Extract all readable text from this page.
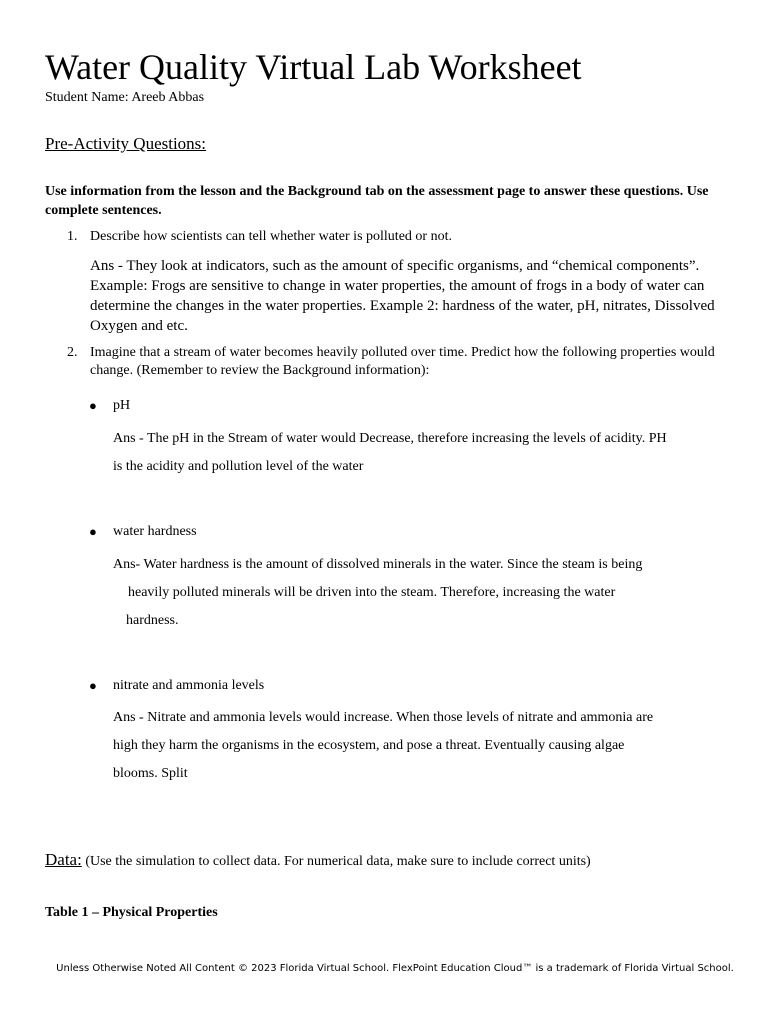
Water Quality Virtual Lab Worksheet
Student Name: Areeb Abbas
Pre-Activity Questions:
Use information from the lesson and the Background tab on the assessment page to answer these questions. Use complete sentences.
1. Describe how scientists can tell whether water is polluted or not.
Ans - They look at indicators, such as the amount of specific organisms, and “chemical components”. Example: Frogs are sensitive to change in water properties, the amount of frogs in a body of water can determine the changes in the water properties. Example 2: hardness of the water, pH, nitrates, Dissolved Oxygen and etc.
2. Imagine that a stream of water becomes heavily polluted over time. Predict how the following properties would change. (Remember to review the Background information):
● pH
Ans - The pH in the Stream of water would Decrease, therefore increasing the levels of acidity. PH
is the acidity and pollution level of the water
● water hardness
Ans- Water hardness is the amount of dissolved minerals in the water. Since the steam is being
heavily polluted minerals will be driven into the steam. Therefore, increasing the water
hardness.
● nitrate and ammonia levels
Ans - Nitrate and ammonia levels would increase. When those levels of nitrate and ammonia are
high they harm the organisms in the ecosystem, and pose a threat. Eventually causing algae
blooms. Split
Data: (Use the simulation to collect data. For numerical data, make sure to include correct units)
Table 1 – Physical Properties
Unless Otherwise Noted All Content © 2023 Florida Virtual School. FlexPoint Education Cloud™ is a trademark of Florida Virtual School.
